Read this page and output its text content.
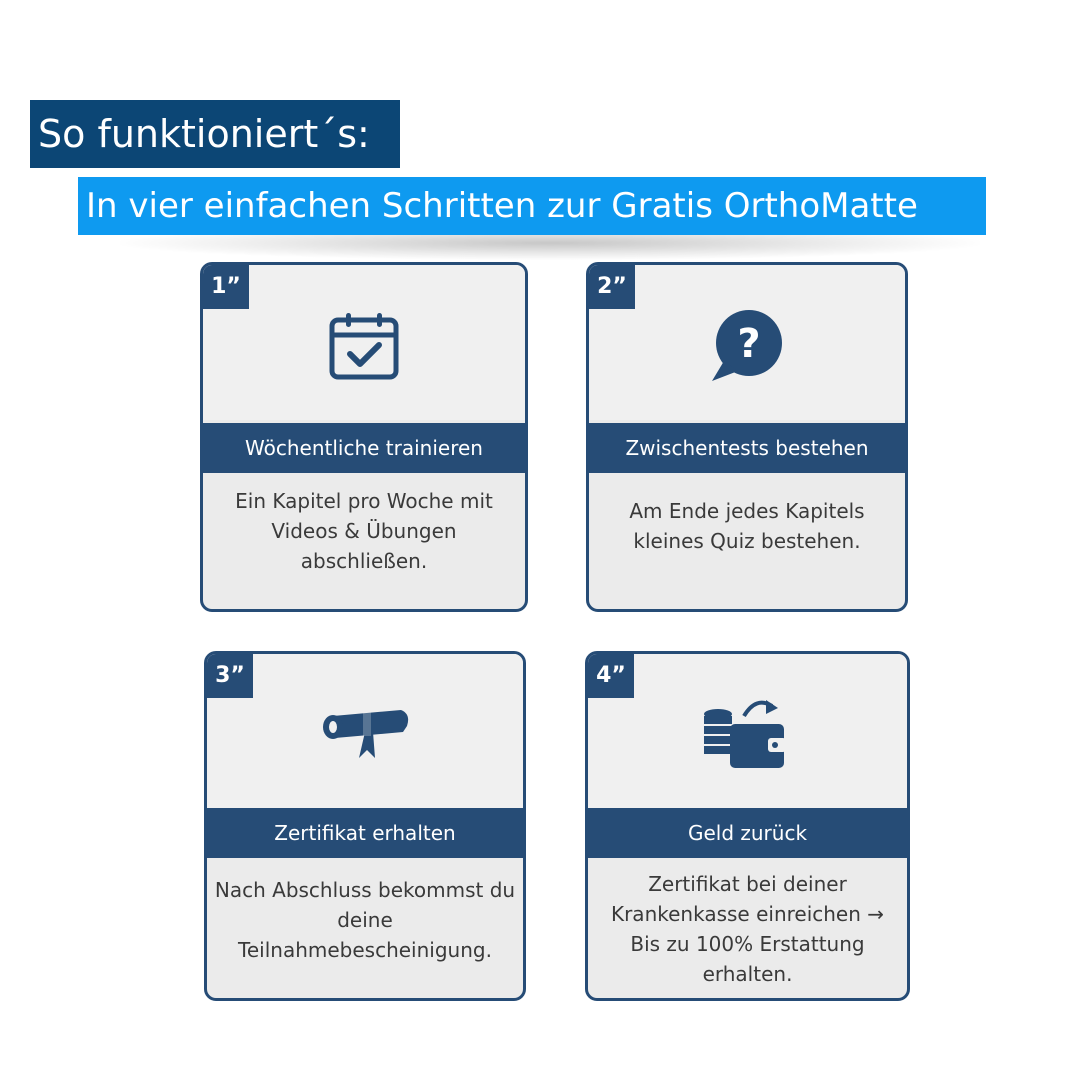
So funktioniert´s:
In vier einfachen Schritten zur Gratis OrthoMatte
1”
Wöchentliche trainieren
Ein Kapitel pro Woche mit Videos & Übungen abschließen.
2”
?
Zwischentests bestehen
Am Ende jedes Kapitels kleines Quiz bestehen.
3”
Zertifikat erhalten
Nach Abschluss bekommst du deine Teilnahmebescheinigung.
4”
Geld zurück
Zertifikat bei deiner Krankenkasse einreichen → Bis zu 100% Erstattung erhalten.
